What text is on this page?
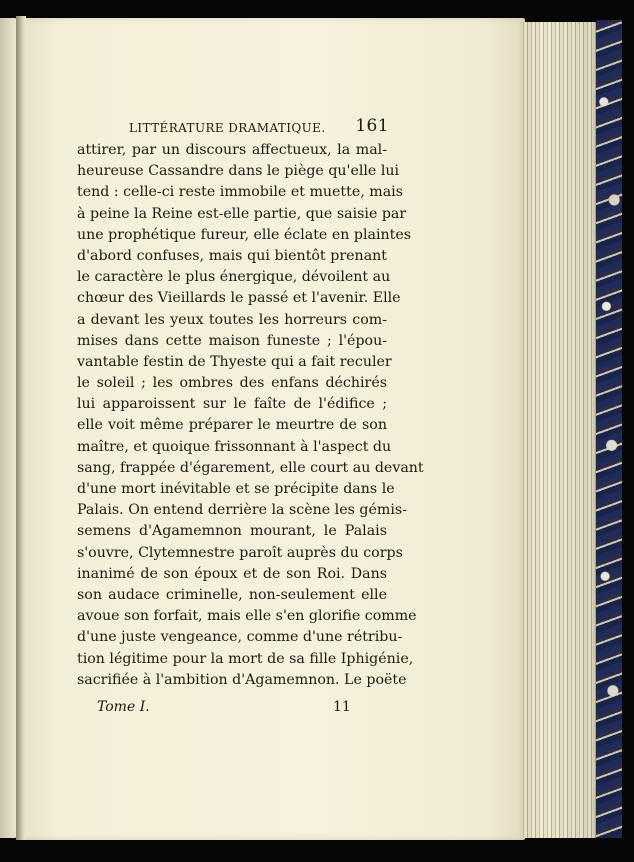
LITTÉRATURE DRAMATIQUE. 161
attirer, par un discours affectueux, la mal-
heureuse Cassandre dans le piège qu'elle lui
tend : celle-ci reste immobile et muette, mais
à peine la Reine est-elle partie, que saisie par
une prophétique fureur, elle éclate en plaintes
d'abord confuses, mais qui bientôt prenant
le caractère le plus énergique, dévoilent au
chœur des Vieillards le passé et l'avenir. Elle
a devant les yeux toutes les horreurs com-
mises dans cette maison funeste ; l'épou-
vantable festin de Thyeste qui a fait reculer
le soleil ; les ombres des enfans déchirés
lui apparoissent sur le faîte de l'édifice ;
elle voit même préparer le meurtre de son
maître, et quoique frissonnant à l'aspect du
sang, frappée d'égarement, elle court au devant
d'une mort inévitable et se précipite dans le
Palais. On entend derrière la scène les gémis-
semens d'Agamemnon mourant, le Palais
s'ouvre, Clytemnestre paroît auprès du corps
inanimé de son époux et de son Roi. Dans
son audace criminelle, non-seulement elle
avoue son forfait, mais elle s'en glorifie comme
d'une juste vengeance, comme d'une rétribu-
tion légitime pour la mort de sa fille Iphigénie,
sacrifiée à l'ambition d'Agamemnon. Le poëte
Tome I.	11
